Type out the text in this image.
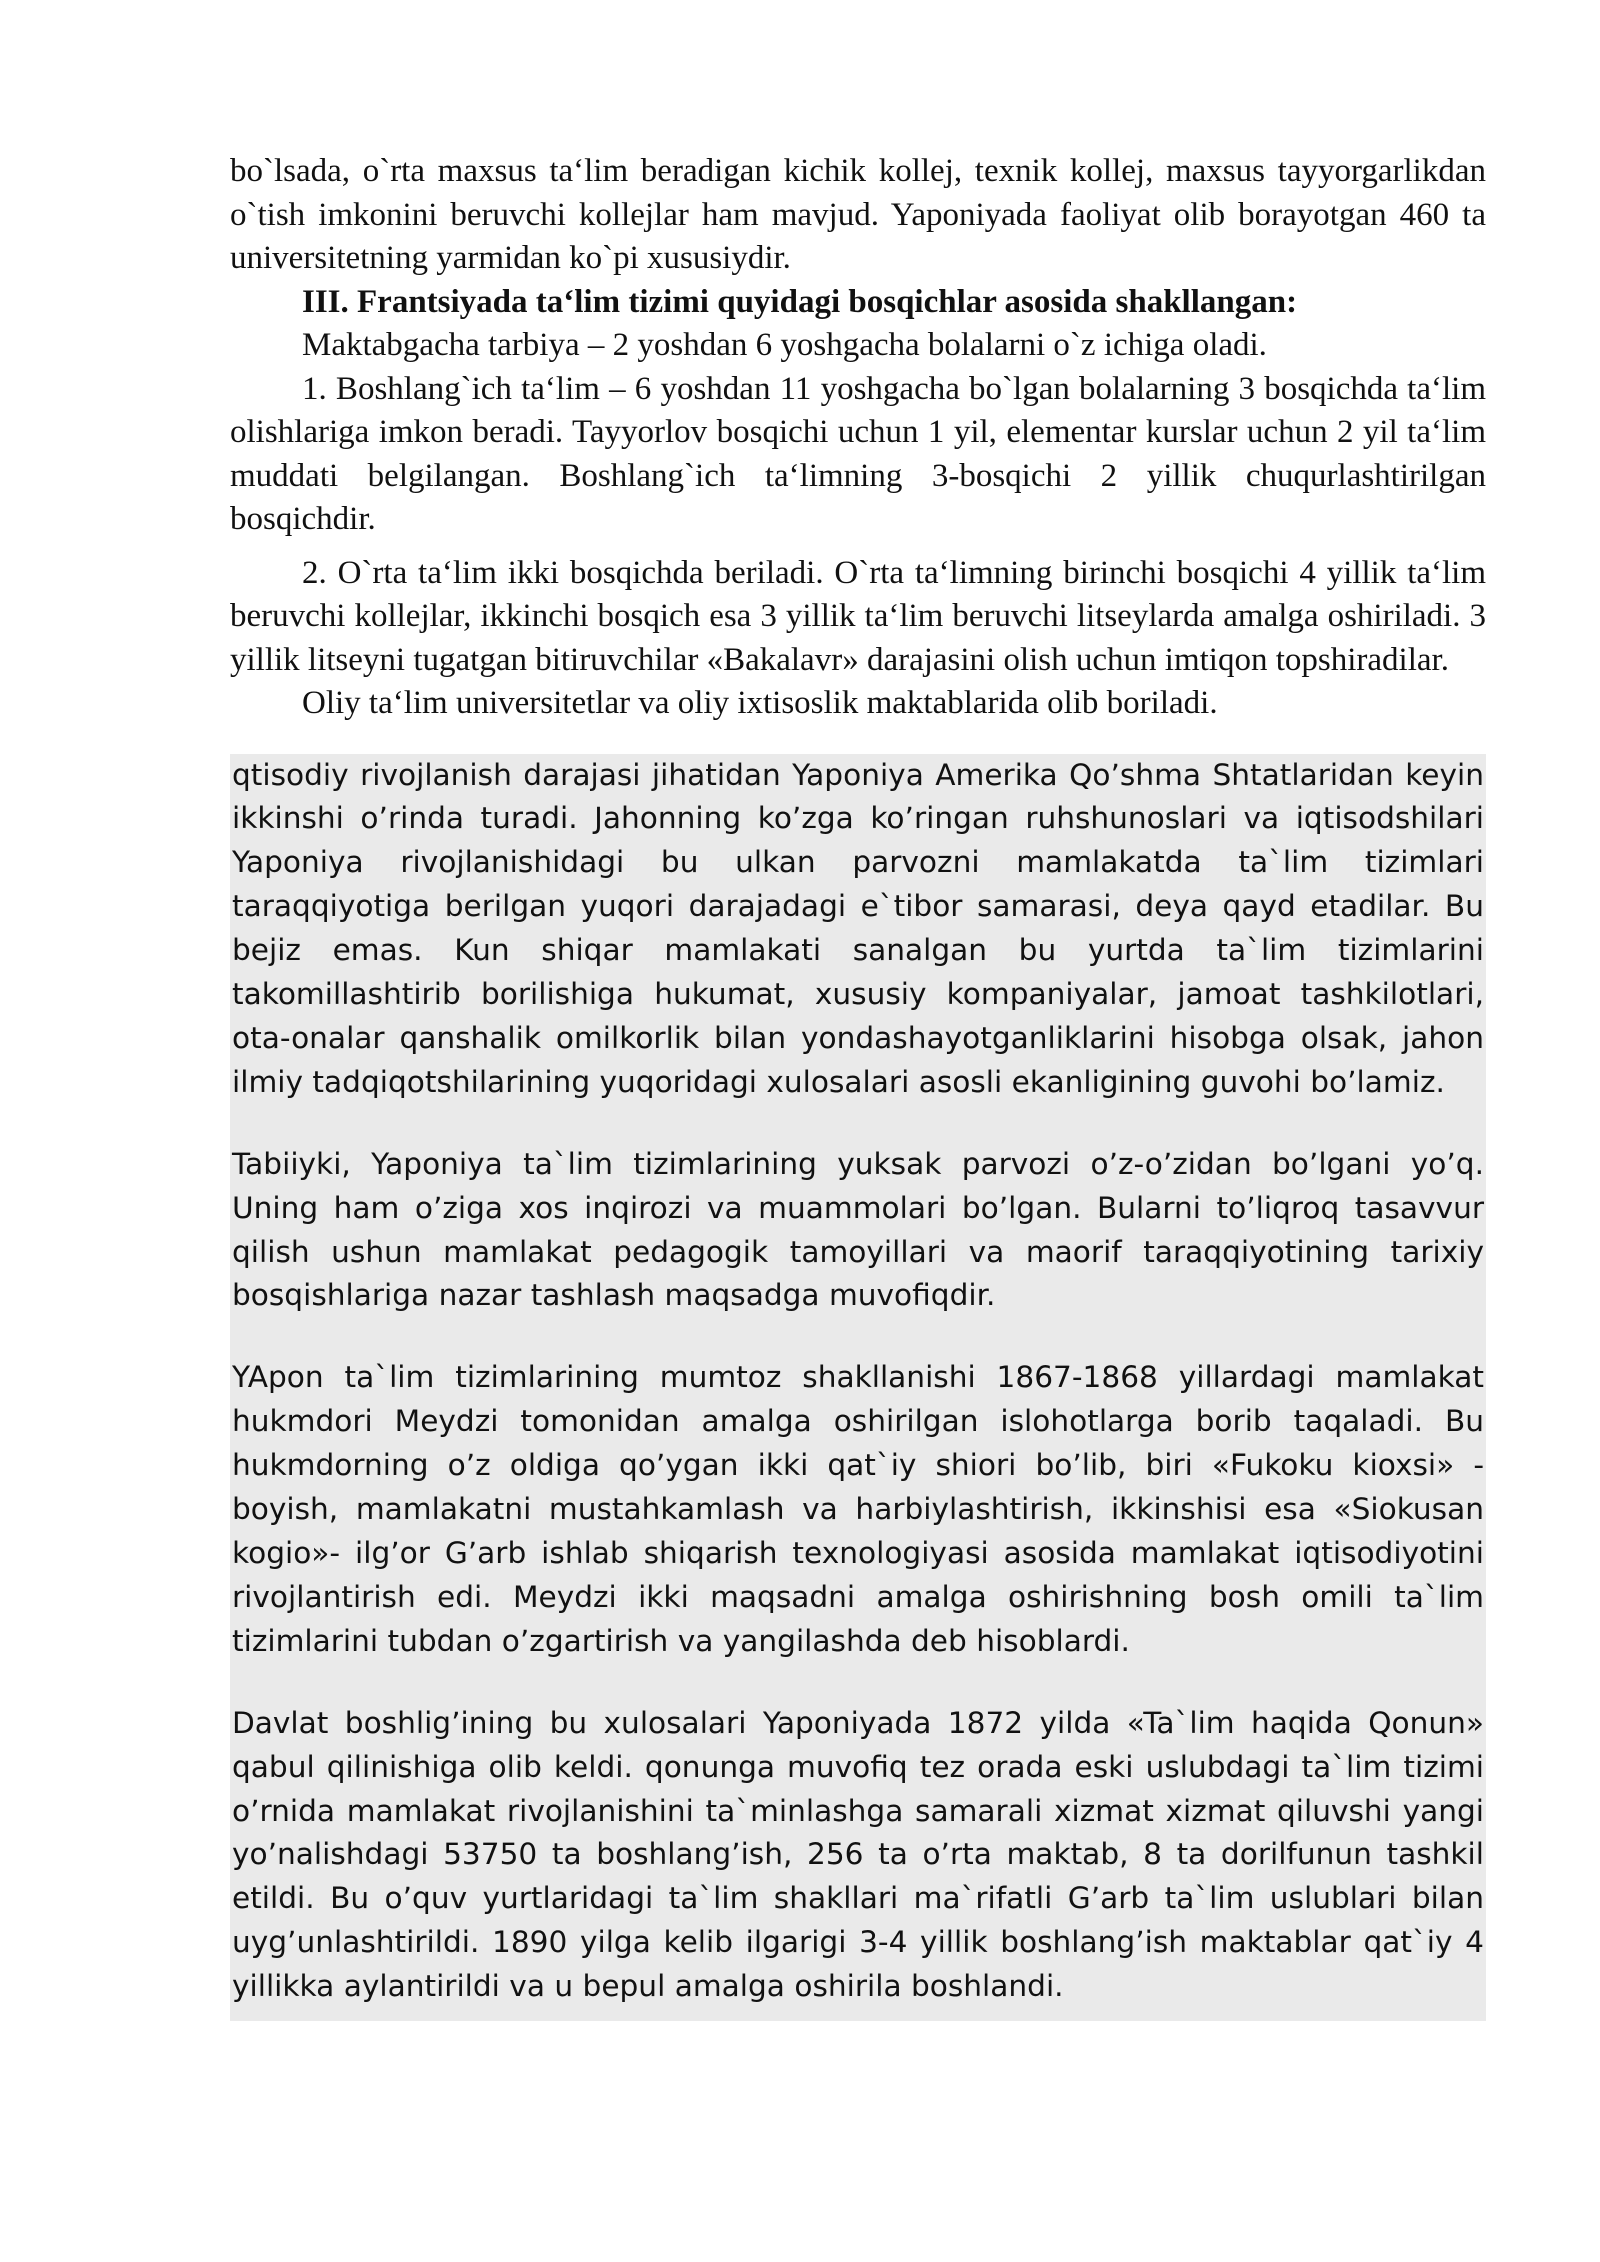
bo`lsada, o`rta maxsus ta‘lim beradigan kichik kollej, texnik kollej, maxsus tayyorgarlikdan o`tish imkonini beruvchi kollejlar ham mavjud. Yaponiyada faoliyat olib borayotgan 460 ta universitetning yarmidan ko`pi xususiydir.

III. Frantsiyada ta‘lim tizimi quyidagi bosqichlar asosida shakllangan:

Maktabgacha tarbiya – 2 yoshdan 6 yoshgacha bolalarni o`z ichiga oladi.

1. Boshlang`ich ta‘lim – 6 yoshdan 11 yoshgacha bo`lgan bolalarning 3 bosqichda ta‘lim olishlariga imkon beradi. Tayyorlov bosqichi uchun 1 yil, elementar kurslar uchun 2 yil ta‘lim muddati belgilangan. Boshlang`ich ta‘limning 3-bosqichi 2 yillik chuqurlashtirilgan bosqichdir.

2. O`rta ta‘lim ikki bosqichda beriladi. O`rta ta‘limning birinchi bosqichi 4 yillik ta‘lim beruvchi kollejlar, ikkinchi bosqich esa 3 yillik ta‘lim beruvchi litseylarda amalga oshiriladi. 3 yillik litseyni tugatgan bitiruvchilar «Bakalavr» darajasini olish uchun imtiqon topshiradilar.

Oliy ta‘lim universitetlar va oliy ixtisoslik maktablarida olib boriladi.

qtisodiy rivojlanish darajasi jihatidan Yaponiya Amerika Qo’shma Shtatlaridan keyin ikkinshi o’rinda turadi. Jahonning ko’zga ko’ringan ruhshunoslari va iqtisodshilari Yaponiya rivojlanishidagi bu ulkan parvozni mamlakatda ta`lim tizimlari taraqqiyotiga berilgan yuqori darajadagi e`tibor samarasi, deya qayd etadilar. Bu bejiz emas. Kun shiqar mamlakati sanalgan bu yurtda ta`lim tizimlarini takomillashtirib borilishiga hukumat, xususiy kompaniyalar, jamoat tashkilotlari, ota-onalar qanshalik omilkorlik bilan yondashayotganliklarini hisobga olsak, jahon ilmiy tadqiqotshilarining yuqoridagi xulosalari asosli ekanligining guvohi bo’lamiz.

Tabiiyki, Yaponiya ta`lim tizimlarining yuksak parvozi o’z-o’zidan bo’lgani yo’q. Uning ham o’ziga xos inqirozi va muammolari bo’lgan. Bularni to’liqroq tasavvur qilish ushun mamlakat pedagogik tamoyillari va maorif taraqqiyotining tarixiy bosqishlariga nazar tashlash maqsadga muvofiqdir.

YApon ta`lim tizimlarining mumtoz shakllanishi 1867-1868 yillardagi mamlakat hukmdori Meydzi tomonidan amalga oshirilgan islohotlarga borib taqaladi. Bu hukmdorning o’z oldiga qo’ygan ikki qat`iy shiori bo’lib, biri «Fukoku kioxsi» - boyish, mamlakatni mustahkamlash va harbiylashtirish, ikkinshisi esa «Siokusan kogio»- ilg’or G’arb ishlab shiqarish texnologiyasi asosida mamlakat iqtisodiyotini rivojlantirish edi. Meydzi ikki maqsadni amalga oshirishning bosh omili ta`lim tizimlarini tubdan o’zgartirish va yangilashda deb hisoblardi.

Davlat boshlig’ining bu xulosalari Yaponiyada 1872 yilda «Ta`lim haqida Qonun» qabul qilinishiga olib keldi. qonunga muvofiq tez orada eski uslubdagi ta`lim tizimi o’rnida mamlakat rivojlanishini ta`minlashga samarali xizmat xizmat qiluvshi yangi yo’nalishdagi 53750 ta boshlang’ish, 256 ta o’rta maktab, 8 ta dorilfunun tashkil etildi. Bu o’quv yurtlaridagi ta`lim shakllari ma`rifatli G’arb ta`lim uslublari bilan uyg’unlashtirildi. 1890 yilga kelib ilgarigi 3-4 yillik boshlang’ish maktablar qat`iy 4 yillikka aylantirildi va u bepul amalga oshirila boshlandi.
